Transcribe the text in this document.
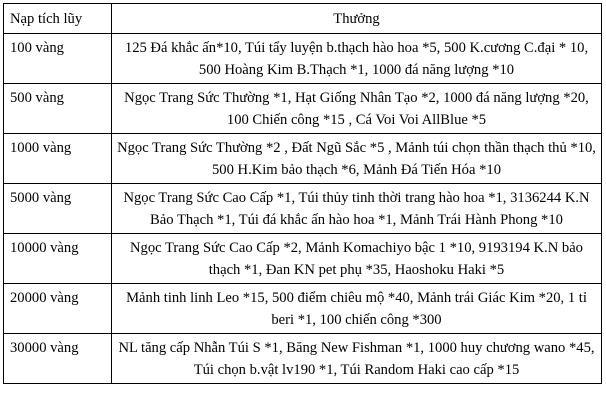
Nạp tích lũy	Thưởng
100 vàng	125 Đá khắc ấn*10, Túi tẩy luyện b.thạch hào hoa *5, 500 K.cương C.đại * 10, 500 Hoàng Kim B.Thạch *1, 1000 đá năng lượng *10
500 vàng	Ngọc Trang Sức Thường *1, Hạt Giống Nhân Tạo *2, 1000 đá năng lượng *20, 100 Chiến công *15 , Cá Voi Voi AllBlue *5
1000 vàng	Ngọc Trang Sức Thường *2 , Đất Ngũ Sắc *5 , Mảnh túi chọn thần thạch thủ *10, 500 H.Kim bảo thạch *6, Mảnh Đá Tiến Hóa *10
5000 vàng	Ngọc Trang Sức Cao Cấp *1, Túi thủy tinh thời trang hào hoa *1, 3136244 K.N Bảo Thạch *1, Túi đá khắc ấn hào hoa *1, Mảnh Trái Hành Phong *10
10000 vàng	Ngọc Trang Sức Cao Cấp *2, Mảnh Komachiyo bậc 1 *10, 9193194 K.N bảo thạch *1, Đan KN pet phụ *35, Haoshoku Haki *5
20000 vàng	Mảnh tinh linh Leo *15, 500 điểm chiêu mộ *40, Mảnh trái Giác Kim *20, 1 tỉ beri *1, 100 chiến công *300
30000 vàng	NL tăng cấp Nhẫn Túi S *1, Băng New Fishman *1, 1000 huy chương wano *45, Túi chọn b.vật lv190 *1, Túi Random Haki cao cấp *15
